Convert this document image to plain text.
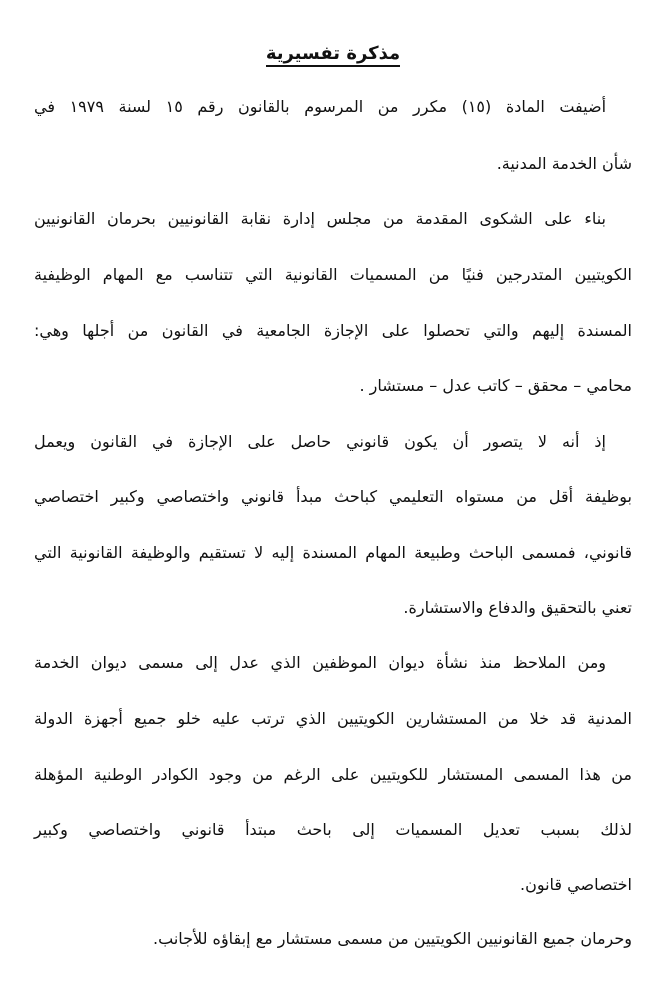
مذكرة تفسيرية
أضيفت المادة (١٥) مكرر من المرسوم بالقانون رقم ١٥ لسنة ١٩٧٩ في
شأن الخدمة المدنية.
بناء على الشكوى المقدمة من مجلس إدارة نقابة القانونيين بحرمان القانونيين
الكويتيين المتدرجين فنيًا من المسميات القانونية التي تتناسب مع المهام الوظيفية
المسندة إليهم والتي تحصلوا على الإجازة الجامعية في القانون من أجلها وهي:
محامي – محقق – كاتب عدل – مستشار .
إذ أنه لا يتصور أن يكون قانوني حاصل على الإجازة في القانون ويعمل
بوظيفة أقل من مستواه التعليمي كباحث مبدأ قانوني واختصاصي وكبير اختصاصي
قانوني، فمسمى الباحث وطبيعة المهام المسندة إليه لا تستقيم والوظيفة القانونية التي
تعني بالتحقيق والدفاع والاستشارة.
ومن الملاحظ منذ نشأة ديوان الموظفين الذي عدل إلى مسمى ديوان الخدمة
المدنية قد خلا من المستشارين الكويتيين الذي ترتب عليه خلو جميع أجهزة الدولة
من هذا المسمى المستشار للكويتيين على الرغم من وجود الكوادر الوطنية المؤهلة
لذلك بسبب تعديل المسميات إلى باحث مبتدأ قانوني واختصاصي وكبير
اختصاصي قانون.
وحرمان جميع القانونيين الكويتيين من مسمى مستشار مع إبقاؤه للأجانب.
